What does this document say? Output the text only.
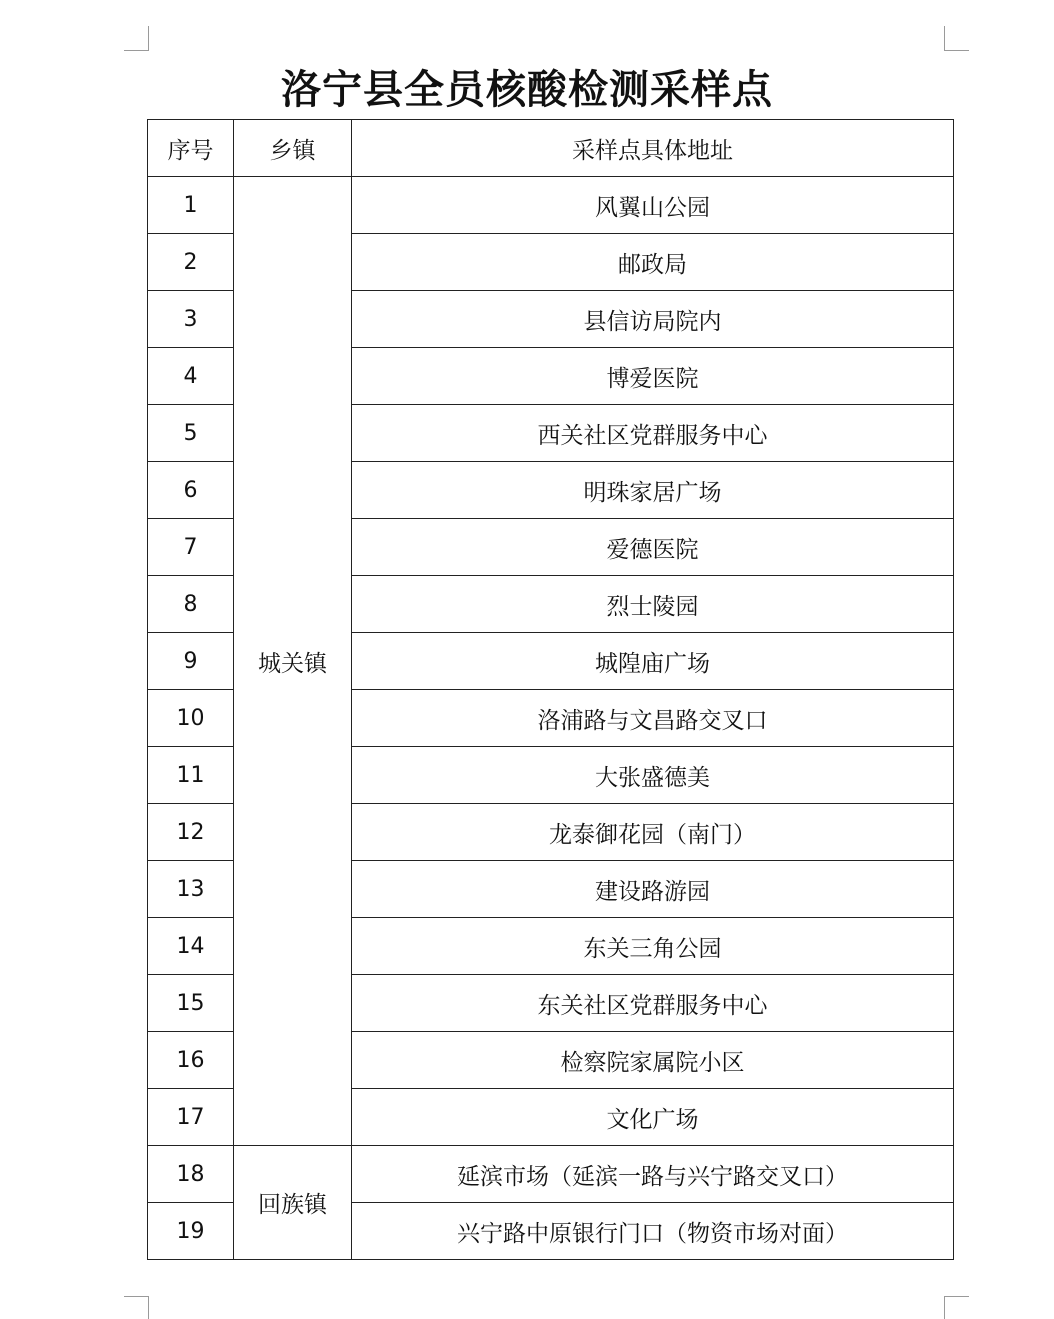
洛宁县全员核酸检测采样点
序号	乡镇	采样点具体地址
1	城关镇	风翼山公园
2		邮政局
3		县信访局院内
4		博爱医院
5		西关社区党群服务中心
6		明珠家居广场
7		爱德医院
8		烈士陵园
9		城隍庙广场
10		洛浦路与文昌路交叉口
11		大张盛德美
12		龙泰御花园（南门）
13		建设路游园
14		东关三角公园
15		东关社区党群服务中心
16		检察院家属院小区
17		文化广场
18	回族镇	延滨市场（延滨一路与兴宁路交叉口）
19		兴宁路中原银行门口（物资市场对面）
